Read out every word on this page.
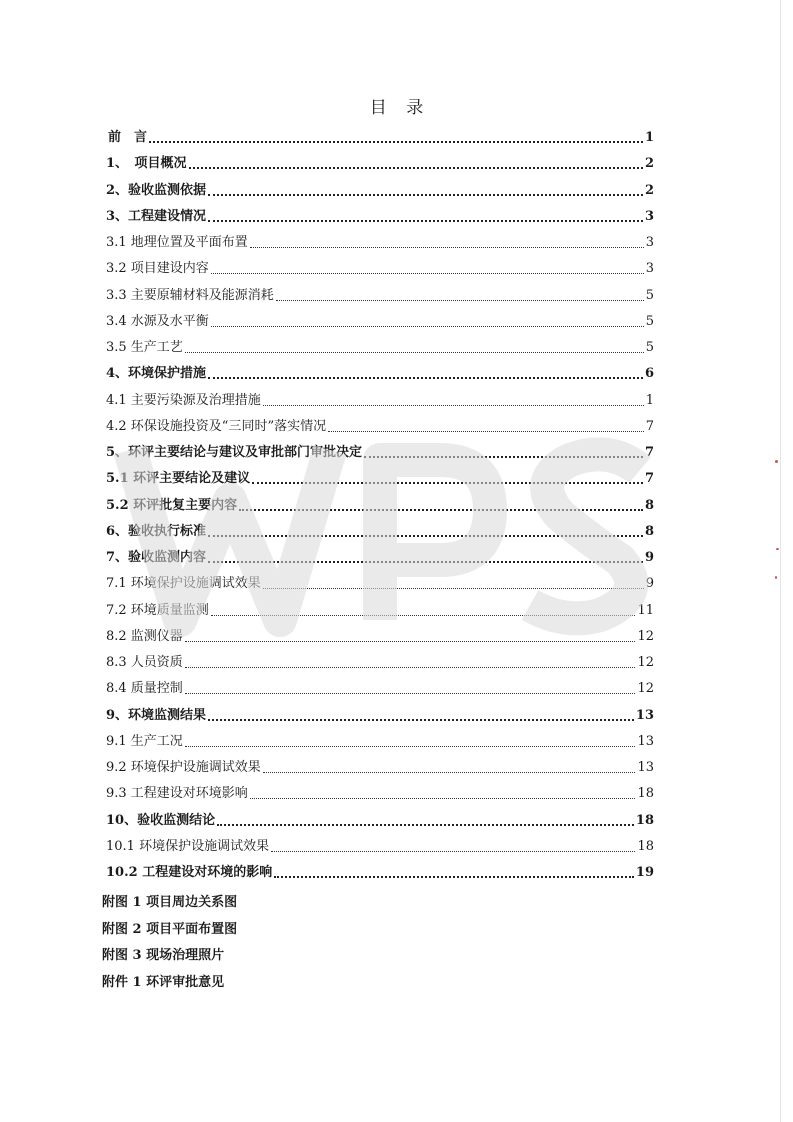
目 录
前　言	1
1、　项目概况	2
2、验收监测依据	2
3、工程建设情况	3
3.1 地理位置及平面布置	3
3.2 项目建设内容	3
3.3 主要原辅材料及能源消耗	5
3.4 水源及水平衡	5
3.5 生产工艺	5
4、环境保护措施	6
4.1 主要污染源及治理措施	1
4.2 环保设施投资及“三同时”落实情况	7
5、环评主要结论与建议及审批部门审批决定	7
5.1 环评主要结论及建议	7
5.2 环评批复主要内容	8
6、验收执行标准	8
7、验收监测内容	9
7.1 环境保护设施调试效果	9
7.2 环境质量监测	11
8.2 监测仪器	12
8.3 人员资质	12
8.4 质量控制	12
9、环境监测结果	13
9.1 生产工况	13
9.2 环境保护设施调试效果	13
9.3 工程建设对环境影响	18
10、验收监测结论	18
10.1 环境保护设施调试效果	18
10.2 工程建设对环境的影响	19
附图 1 项目周边关系图
附图 2 项目平面布置图
附图 3 现场治理照片
附件 1 环评审批意见
